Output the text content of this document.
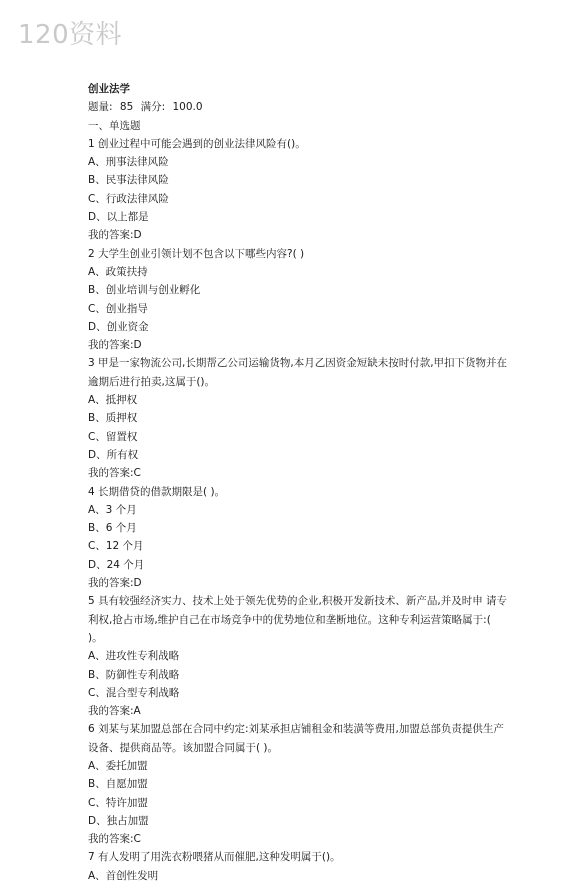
120资料
创业法学
题量: 85 满分: 100.0
一、单选题
1 创业过程中可能会遇到的创业法律风险有()。
A、刑事法律风险
B、民事法律风险
C、行政法律风险
D、以上都是
我的答案:D
2 大学生创业引领计划不包含以下哪些内容?( )
A、政策扶持
B、创业培训与创业孵化
C、创业指导
D、创业资金
我的答案:D
3 甲是一家物流公司,长期帮乙公司运输货物,本月乙因资金短缺未按时付款,甲扣下货物并在逾期后进行拍卖,这属于()。
A、抵押权
B、质押权
C、留置权
D、所有权
我的答案:C
4 长期借贷的借款期限是( )。
A、3 个月
B、6 个月
C、12 个月
D、24 个月
我的答案:D
5 具有较强经济实力、技术上处于领先优势的企业,积极开发新技术、新产品,并及时申 请专利权,抢占市场,维护自己在市场竞争中的优势地位和垄断地位。这种专利运营策略属于:( )。
A、进攻性专利战略
B、防御性专利战略
C、混合型专利战略
我的答案:A
6 刘某与某加盟总部在合同中约定:刘某承担店铺租金和装潢等费用,加盟总部负责提供生产设备、提供商品等。该加盟合同属于( )。
A、委托加盟
B、自愿加盟
C、特许加盟
D、独占加盟
我的答案:C
7 有人发明了用洗衣粉喂猪从而催肥,这种发明属于()。
A、首创性发明
